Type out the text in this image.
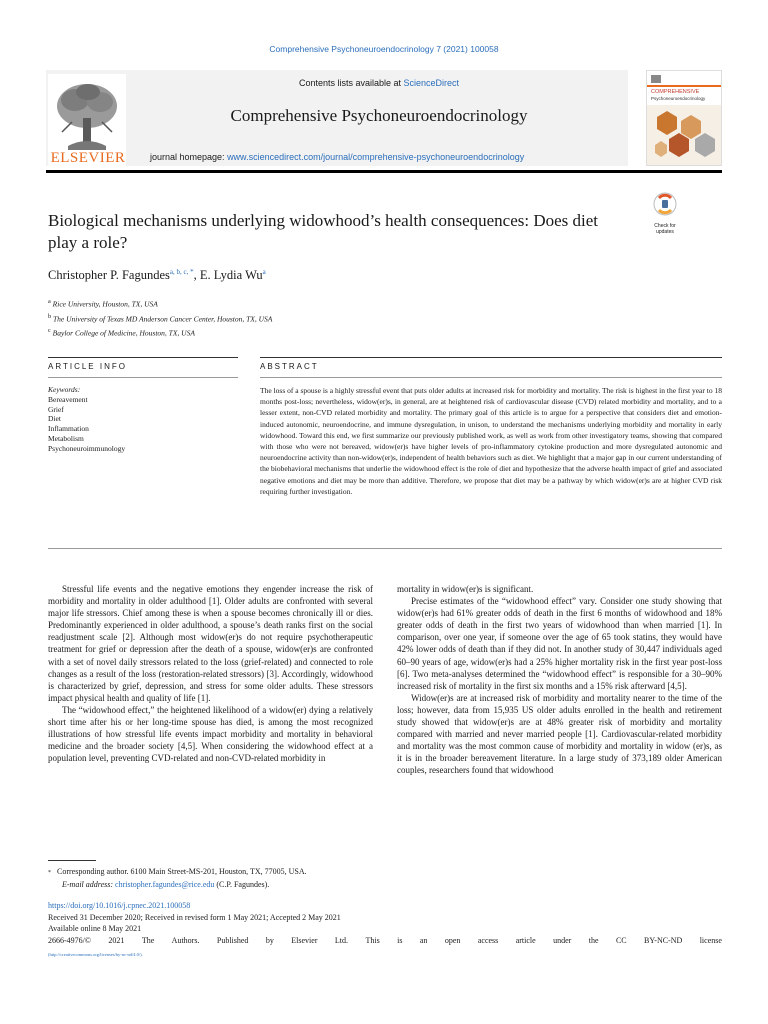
Comprehensive Psychoneuroendocrinology 7 (2021) 100058
ELSEVIER
Contents lists available at ScienceDirect
Comprehensive Psychoneuroendocrinology
journal homepage: www.sciencedirect.com/journal/comprehensive-psychoneuroendocrinology
COMPREHENSIVE
Psychoneuroendocrinology
Biological mechanisms underlying widowhood’s health consequences: Does diet play a role?
Check for updates
Christopher P. Fagundes$^{a, b, c, *}$, E. Lydia Wu$^a$
$^a$ Rice University, Houston, TX, USA
$^b$ The University of Texas MD Anderson Cancer Center, Houston, TX, USA
$^c$ Baylor College of Medicine, Houston, TX, USA
ARTICLE INFO	ABSTRACT
Keywords:
Bereavement
Grief
Diet
Inflammation
Metabolism
Psychoneuroimmunology
The loss of a spouse is a highly stressful event that puts older adults at increased risk for morbidity and mortality. The risk is highest in the first year to 18 months post-loss; nevertheless, widow(er)s, in general, are at heightened risk of cardiovascular disease (CVD) related morbidity and mortality, and to a lesser extent, non-CVD related morbidity and mortality. The primary goal of this article is to argue for a perspective that considers diet and emotion-induced autonomic, neuroendocrine, and immune dysregulation, in unison, to understand the mechanisms underlying morbidity and mortality in early widowhood. Toward this end, we first summarize our previously published work, as well as work from other investigatory teams, showing that compared with those who were not bereaved, widow(er)s have higher levels of pro-inflammatory cytokine production and more dysregulated autonomic and neuroendocrine activity than non-widow(er)s, independent of health behaviors such as diet. We highlight that a major gap in our current understanding of the biobehavioral mechanisms that underlie the widowhood effect is the role of diet and hypothesize that the adverse health impact of grief and associated negative emotions and diet may be more than additive. Therefore, we propose that diet may be a pathway by which widow(er)s are at higher CVD risk requiring further investigation.

Stressful life events and the negative emotions they engender increase the risk of morbidity and mortality in older adulthood [1]. Older adults are confronted with several major life stressors. Chief among these is when a spouse becomes chronically ill or dies. Predominantly experienced in older adulthood, a spouse’s death ranks first on the social readjustment scale [2]. Although most widow(er)s do not require psychotherapeutic treatment for grief or depression after the death of a spouse, widow(er)s are confronted with a set of novel daily stressors related to the loss (grief-related) and connected to role changes as a result of the loss (restoration-related stressors) [3]. Accordingly, widowhood is characterized by grief, depression, and stress for some older adults. These stressors impact physical health and quality of life [1].

The “widowhood effect,” the heightened likelihood of a widow(er) dying a relatively short time after his or her long-time spouse has died, is among the most recognized illustrations of how stressful life events impact morbidity and mortality in behavioral medicine and the broader society [4,5]. When considering the widowhood effect at a population level, preventing CVD-related and non-CVD-related morbidity in

mortality in widow(er)s is significant.

Precise estimates of the “widowhood effect” vary. Consider one study showing that widow(er)s had 61% greater odds of death in the first 6 months of widowhood and 18% greater odds of death in the first two years of widowhood than when married [1]. In comparison, over one year, if someone over the age of 65 took statins, they would have 42% lower odds of death than if they did not. In another study of 30,447 individuals aged 60–90 years of age, widow(er)s had a 25% higher mortality risk in the first year post-loss [6]. Two meta-analyses determined the “widowhood effect” is responsible for a 30–90% increased risk of mortality in the first six months and a 15% risk afterward [4,5].

Widow(er)s are at increased risk of morbidity and mortality nearer to the time of the loss; however, data from 15,935 US older adults enrolled in the health and retirement study showed that widow(er)s are at 48% greater risk of morbidity and mortality compared with married and never married people [1]. Cardiovascular-related morbidity and mortality was the most common cause of morbidity and mortality in widow (er)s, as it is in the broader bereavement literature. In a large study of 373,189 older American couples, researchers found that widowhood

* Corresponding author. 6100 Main Street-MS-201, Houston, TX, 77005, USA.
E-mail address: christopher.fagundes@rice.edu (C.P. Fagundes).
https://doi.org/10.1016/j.cpnec.2021.100058
Received 31 December 2020; Received in revised form 1 May 2021; Accepted 2 May 2021
Available online 8 May 2021
2666-4976/© 2021 The Authors. Published by Elsevier Ltd. This is an open access article under the CC BY-NC-ND license
(http://creativecommons.org/licenses/by-nc-nd/4.0/).
